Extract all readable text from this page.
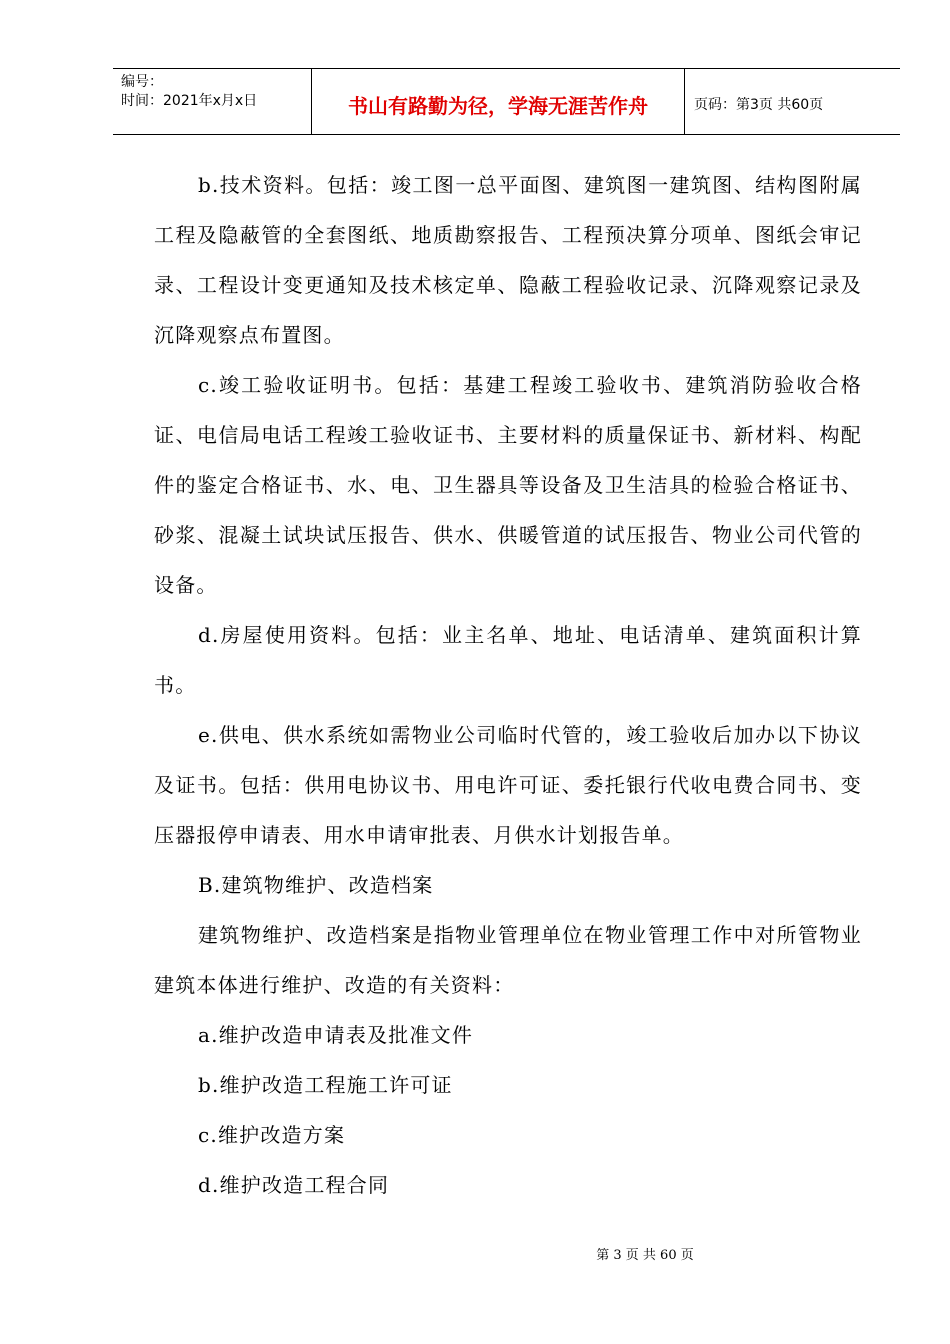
编号：
时间：2021年x月x日	书山有路勤为径，学海无涯苦作舟	页码：第3页 共60页

b.技术资料。包括：竣工图一总平面图、建筑图一建筑图、结构图附属工程及隐蔽管的全套图纸、地质勘察报告、工程预决算分项单、图纸会审记录、工程设计变更通知及技术核定单、隐蔽工程验收记录、沉降观察记录及沉降观察点布置图。

c.竣工验收证明书。包括：基建工程竣工验收书、建筑消防验收合格证、电信局电话工程竣工验收证书、主要材料的质量保证书、新材料、构配件的鉴定合格证书、水、电、卫生器具等设备及卫生洁具的检验合格证书、砂浆、混凝土试块试压报告、供水、供暖管道的试压报告、物业公司代管的设备。

d.房屋使用资料。包括：业主名单、地址、电话清单、建筑面积计算书。

e.供电、供水系统如需物业公司临时代管的，竣工验收后加办以下协议及证书。包括：供用电协议书、用电许可证、委托银行代收电费合同书、变压器报停申请表、用水申请审批表、月供水计划报告单。

B.建筑物维护、改造档案

建筑物维护、改造档案是指物业管理单位在物业管理工作中对所管物业建筑本体进行维护、改造的有关资料：

a.维护改造申请表及批准文件

b.维护改造工程施工许可证

c.维护改造方案

d.维护改造工程合同

第 3 页 共 60 页
